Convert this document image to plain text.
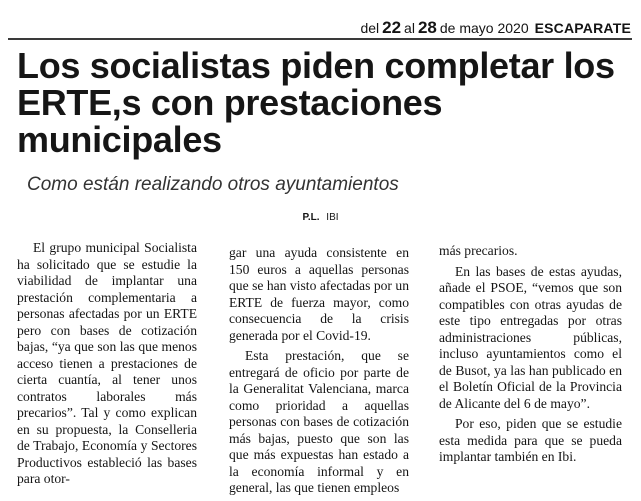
del 22 al 28 de mayo 2020 ESCAPARATE
Los socialistas piden completar los ERTE,s con prestaciones municipales

Como están realizando otros ayuntamientos

P.L. IBI

El grupo municipal Socialista ha solicitado que se estudie la viabilidad de implantar una prestación complementaria a personas afectadas por un ERTE pero con bases de cotización bajas, “ya que son las que menos acceso tienen a prestaciones de cierta cuantía, al tener unos contratos laborales más precarios”. Tal y como explican en su propuesta, la Conselleria de Trabajo, Economía y Sectores Productivos estableció las bases para otor-

gar una ayuda consistente en 150 euros a aquellas personas que se han visto afectadas por un ERTE de fuerza mayor, como consecuencia de la crisis generada por el Covid-19.

Esta prestación, que se entregará de oficio por parte de la Generalitat Valenciana, marca como prioridad a aquellas personas con bases de cotización más bajas, puesto que son las que más expuestas han estado a la economía informal y en general, las que tienen empleos

más precarios.

En las bases de estas ayudas, añade el PSOE, “vemos que son compatibles con otras ayudas de este tipo entregadas por otras administraciones públicas, incluso ayuntamientos como el de Busot, ya las han publicado en el Boletín Oficial de la Provincia de Alicante del 6 de mayo”.

Por eso, piden que se estudie esta medida para que se pueda implantar también en Ibi.
